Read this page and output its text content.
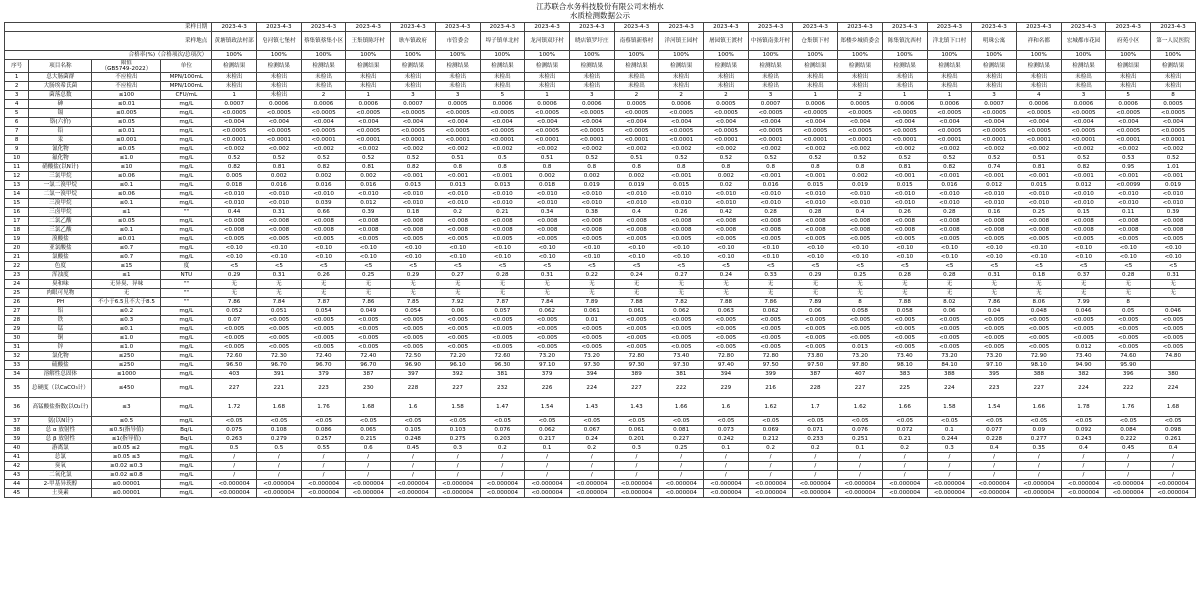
江苏联合水务科技股份有限公司末梢水
水质检测数据公示
采样日期				2023-4-3	2023-4-3	2023-4-3	2023-4-3	2023-4-3	2023-4-3	2023-4-3	2023-4-3	2023-4-3	2023-4-3	2023-4-3	2023-4-3	2023-4-3	2023-4-3	2023-4-3	2023-4-3	2023-4-3	2023-4-3	2023-4-3	2023-4-3	2023-4-3	2023-4-3
采样地点				黄塘镇政法村部	皂河镇七堡村	蔡集镇蔡集小区	王集镇陈圩村	耿车镇政府	市管委会	埠子镇单北村	龙河镇双圩村	晓店镇罗圩庄	南蔡镇新蔡村	洋河镇王园村	屠园镇王渡村	中扬镇南张圩村	仓集镇下村	郑楼乡城质委会	陈集镇沈西村	洋北镇下口村	明珠公寓	祥和名都	宏城都市花园	府苑小区	第一人民医院
合格率(%)（合格项次/总项次）				100%	100%	100%	100%	100%	100%	100%	100%	100%	100%	100%	100%	100%	100%	100%	100%	100%	100%	100%	100%	100%	100%
序号	项目名称	限值
（GB5749-2022）	单位	检测结果	检测结果	检测结果	检测结果	检测结果	检测结果	检测结果	检测结果	检测结果	检测结果	检测结果	检测结果	检测结果	检测结果	检测结果	检测结果	检测结果	检测结果	检测结果	检测结果	检测结果	检测结果
1	总大肠菌群	不应检出	MPN/100mL	未检出	未检出	未检出	未检出	未检出	未检出	未检出	未检出	未检出	未检出	未检出	未检出	未检出	未检出	未检出	未检出	未检出	未检出	未检出	未检出	未检出	未检出
2	大肠埃希氏菌	不应检出	MPN/100mL	未检出	未检出	未检出	未检出	未检出	未检出	未检出	未检出	未检出	未检出	未检出	未检出	未检出	未检出	未检出	未检出	未检出	未检出	未检出	未检出	未检出	未检出
3	菌落总数	≤100	CFU/mL	1	未检出	2	1	3	3	5	1	3	2	2	2	3	1	2	1	1	3	4	3	5	8
4	砷	≤0.01	mg/L	0.0007	0.0006	0.0006	0.0006	0.0007	0.0005	0.0006	0.0006	0.0006	0.0005	0.0006	0.0005	0.0007	0.0006	0.0005	0.0006	0.0006	0.0007	0.0006	0.0006	0.0006	0.0005
5	镉	≤0.005	mg/L	<0.0005	<0.0005	<0.0005	<0.0005	<0.0005	<0.0005	<0.0005	<0.0005	<0.0005	<0.0005	<0.0005	<0.0005	<0.0005	<0.0005	<0.0005	<0.0005	<0.0005	<0.0005	<0.0005	<0.0005	<0.0005	<0.0005
6	铬(六价)	≤0.05	mg/L	<0.004	<0.004	<0.004	<0.004	<0.004	<0.004	<0.004	<0.004	<0.004	<0.004	<0.004	<0.004	<0.004	<0.004	<0.004	<0.004	<0.004	<0.004	<0.004	<0.004	<0.004	<0.004
7	铅	≤0.01	mg/L	<0.0005	<0.0005	<0.0005	<0.0005	<0.0005	<0.0005	<0.0005	<0.0005	<0.0005	<0.0005	<0.0005	<0.0005	<0.0005	<0.0005	<0.0005	<0.0005	<0.0005	<0.0005	<0.0005	<0.0005	<0.0005	<0.0005
8	汞	≤0.001	mg/L	<0.0001	<0.0001	<0.0001	<0.0001	<0.0001	<0.0001	<0.0001	<0.0001	<0.0001	<0.0001	<0.0001	<0.0001	<0.0001	<0.0001	<0.0001	<0.0001	<0.0001	<0.0001	<0.0001	<0.0001	<0.0001	<0.0001
9	氰化物	≤0.05	mg/L	<0.002	<0.002	<0.002	<0.002	<0.002	<0.002	<0.002	<0.002	<0.002	<0.002	<0.002	<0.002	<0.002	<0.002	<0.002	<0.002	<0.002	<0.002	<0.002	<0.002	<0.002	<0.002
10	氟化物	≤1.0	mg/L	0.52	0.52	0.52	0.52	0.52	0.51	0.5	0.51	0.52	0.51	0.52	0.52	0.52	0.52	0.52	0.52	0.52	0.52	0.51	0.52	0.53	0.52
11	硝酸盐(以N计)	≤10	mg/L	0.82	0.81	0.82	0.81	0.82	0.8	0.8	0.8	0.8	0.8	0.8	0.8	0.8	0.8	0.8	0.81	0.82	0.74	0.81	0.82	0.95	1.01
12	三氯甲烷	≤0.06	mg/L	0.005	0.002	0.002	0.002	<0.001	<0.001	<0.001	0.002	0.002	0.002	<0.001	0.002	<0.001	<0.001	0.002	<0.001	<0.001	<0.001	<0.001	<0.001	<0.001	<0.001
13	一氯二溴甲烷	≤0.1	mg/L	0.018	0.016	0.016	0.016	0.013	0.013	0.013	0.018	0.019	0.019	0.015	0.02	0.016	0.015	0.019	0.015	0.016	0.012	0.015	0.012	<0.0099	0.019
14	二氯一溴甲烷	≤0.06	mg/L	<0.010	<0.010	<0.010	<0.010	<0.010	<0.010	<0.010	<0.010	<0.010	<0.010	<0.010	<0.010	<0.010	<0.010	<0.010	<0.010	<0.010	<0.010	<0.010	<0.010	<0.010	<0.010
15	三溴甲烷	≤0.1	mg/L	<0.010	<0.010	0.039	0.012	<0.010	<0.010	<0.010	<0.010	<0.010	<0.010	<0.010	<0.010	<0.010	<0.010	<0.010	<0.010	<0.010	<0.010	<0.010	<0.010	<0.010	<0.010
16	三卤甲烷	≤1	""	0.44	0.31	0.66	0.39	0.18	0.2	0.21	0.34	0.38	0.4	0.26	0.42	0.28	0.28	0.4	0.26	0.28	0.16	0.25	0.15	0.11	0.39
17	二氯乙酸	≤0.05	mg/L	<0.008	<0.008	<0.008	<0.008	<0.008	<0.008	<0.008	<0.008	<0.008	<0.008	<0.008	<0.008	<0.008	<0.008	<0.008	<0.008	<0.008	<0.008	<0.008	<0.008	<0.008	<0.008
18	三氯乙酸	≤0.1	mg/L	<0.008	<0.008	<0.008	<0.008	<0.008	<0.008	<0.008	<0.008	<0.008	<0.008	<0.008	<0.008	<0.008	<0.008	<0.008	<0.008	<0.008	<0.008	<0.008	<0.008	<0.008	<0.008
19	溴酸盐	≤0.01	mg/L	<0.005	<0.005	<0.005	<0.005	<0.005	<0.005	<0.005	<0.005	<0.005	<0.005	<0.005	<0.005	<0.005	<0.005	<0.005	<0.005	<0.005	<0.005	<0.005	<0.005	<0.005	<0.005
20	亚氯酸盐	≤0.7	mg/L	<0.10	<0.10	<0.10	<0.10	<0.10	<0.10	<0.10	<0.10	<0.10	<0.10	<0.10	<0.10	<0.10	<0.10	<0.10	<0.10	<0.10	<0.10	<0.10	<0.10	<0.10	<0.10
21	氯酸盐	≤0.7	mg/L	<0.10	<0.10	<0.10	<0.10	<0.10	<0.10	<0.10	<0.10	<0.10	<0.10	<0.10	<0.10	<0.10	<0.10	<0.10	<0.10	<0.10	<0.10	<0.10	<0.10	<0.10	<0.10
22	色度	≤15	度	<5	<5	<5	<5	<5	<5	<5	<5	<5	<5	<5	<5	<5	<5	<5	<5	<5	<5	<5	<5	<5	<5
23	浑浊度	≤1	NTU	0.29	0.31	0.26	0.25	0.29	0.27	0.28	0.31	0.22	0.24	0.27	0.24	0.33	0.29	0.25	0.28	0.28	0.31	0.18	0.37	0.28	0.31
24	臭和味	无异臭、异味	""	无	无	无	无	无	无	无	无	无	无	无	无	无	无	无	无	无	无	无	无	无	无
25	肉眼可见物	无	""	无	无	无	无	无	无	无	无	无	无	无	无	无	无	无	无	无	无	无	无	无	无
26	PH	不小于6.5且不大于8.5	""	7.86	7.84	7.87	7.86	7.85	7.92	7.87	7.84	7.89	7.88	7.82	7.88	7.86	7.89	8	7.88	8.02	7.86	8.06	7.99	8	
27	铝	≤0.2	mg/L	0.052	0.051	0.054	0.049	0.054	0.06	0.057	0.062	0.061	0.061	0.062	0.063	0.062	0.06	0.058	0.058	0.06	0.04	0.048	0.046	0.05	0.046
28	铁	≤0.3	mg/L	0.07	<0.005	<0.005	<0.005	<0.005	<0.005	<0.005	<0.005	0.01	<0.005	<0.005	<0.005	<0.005	<0.005	<0.005	<0.005	<0.005	<0.005	<0.005	<0.005	<0.005	<0.005
29	锰	≤0.1	mg/L	<0.005	<0.005	<0.005	<0.005	<0.005	<0.005	<0.005	<0.005	<0.005	<0.005	<0.005	<0.005	<0.005	<0.005	<0.005	<0.005	<0.005	<0.005	<0.005	<0.005	<0.005	<0.005
30	铜	≤1.0	mg/L	<0.005	<0.005	<0.005	<0.005	<0.005	<0.005	<0.005	<0.005	<0.005	<0.005	<0.005	<0.005	<0.005	<0.005	<0.005	<0.005	<0.005	<0.005	<0.005	<0.005	<0.005	<0.005
31	锌	≤1.0	mg/L	<0.005	<0.005	<0.005	<0.005	<0.005	<0.005	<0.005	<0.005	<0.005	<0.005	<0.005	<0.005	<0.005	<0.005	0.013	<0.005	<0.005	<0.005	<0.005	0.012	<0.005	<0.005
32	氯化物	≤250	mg/L	72.60	72.30	72.40	72.40	72.50	72.20	72.60	73.20	73.20	72.80	73.40	72.80	72.80	73.80	73.20	73.40	73.20	73.20	72.90	73.40	74.60	74.80
33	硫酸盐	≤250	mg/L	96.50	96.70	96.70	96.70	96.90	96.10	96.30	97.10	97.30	97.30	97.30	97.40	97.50	97.50	97.80	98.10	84.10	97.10	98.10	94.90	95.90	
34	溶解性总固体	≤1000	mg/L	403	391	379	387	397	392	381	379	394	389	381	394	399	387	407	383	388	395	388	382	396	380
35	总硬度（以CaCO₃计）	≤450	mg/L	227	221	223	230	228	227	232	226	224	227	222	229	216	228	227	225	224	223	227	224	222	224
36	高锰酸盐指数(以O₂计)	≤3	mg/L	1.72	1.68	1.76	1.68	1.6	1.58	1.47	1.54	1.43	1.43	1.66	1.6	1.62	1.7	1.62	1.66	1.58	1.54	1.66	1.78	1.76	1.68
37	氨(以N计)	≤0.5	mg/L	<0.05	<0.05	<0.05	<0.05	<0.05	<0.05	<0.05	<0.05	<0.05	<0.05	<0.05	<0.05	<0.05	<0.05	<0.05	<0.05	<0.05	<0.05	<0.05	<0.05	<0.05	<0.05
38	总 α 放射性	≤0.5(指导值)	Bq/L	0.075	0.108	0.086	0.065	0.105	0.103	0.076	0.062	0.067	0.061	0.081	0.073	0.069	0.071	0.076	0.072	0.1	0.077	0.09	0.092	0.084	0.098
39	总 β 放射性	≤1(指导值)	Bq/L	0.263	0.279	0.257	0.215	0.248	0.275	0.203	0.217	0.24	0.201	0.227	0.242	0.212	0.233	0.251	0.21	0.244	0.228	0.277	0.243	0.222	0.261
40	游离氯	≥0.05 ≤2	mg/L	0.5	0.5	0.55	0.6	0.45	0.3	0.2	0.1	0.2	0.3	0.25	0.1	0.2	0.2	0.1	0.2	0.3	0.4	0.35	0.4	0.45	0.4
41	总氯	≥0.05 ≤3	mg/L	/	/	/	/	/	/	/	/	/	/	/	/	/	/	/	/	/	/	/	/	/	/
42	臭氧	≥0.02 ≤0.3	mg/L	/	/	/	/	/	/	/	/	/	/	/	/	/	/	/	/	/	/	/	/	/	/
43	二氧化氯	≥0.02 ≤0.8	mg/L	/	/	/	/	/	/	/	/	/	/	/	/	/	/	/	/	/	/	/	/	/	/
44	2-甲基异莰醇	≤0.00001	mg/L	<0.000004	<0.000004	<0.000004	<0.000004	<0.000004	<0.000004	<0.000004	<0.000004	<0.000004	<0.000004	<0.000004	<0.000004	<0.000004	<0.000004	<0.000004	<0.000004	<0.000004	<0.000004	<0.000004	<0.000004	<0.000004	<0.000004
45	土臭素	≤0.00001	mg/L	<0.000004	<0.000004	<0.000004	<0.000004	<0.000004	<0.000004	<0.000004	<0.000004	<0.000004	<0.000004	<0.000004	<0.000004	<0.000004	<0.000004	<0.000004	<0.000004	<0.000004	<0.000004	<0.000004	<0.000004	<0.000004	<0.000004
